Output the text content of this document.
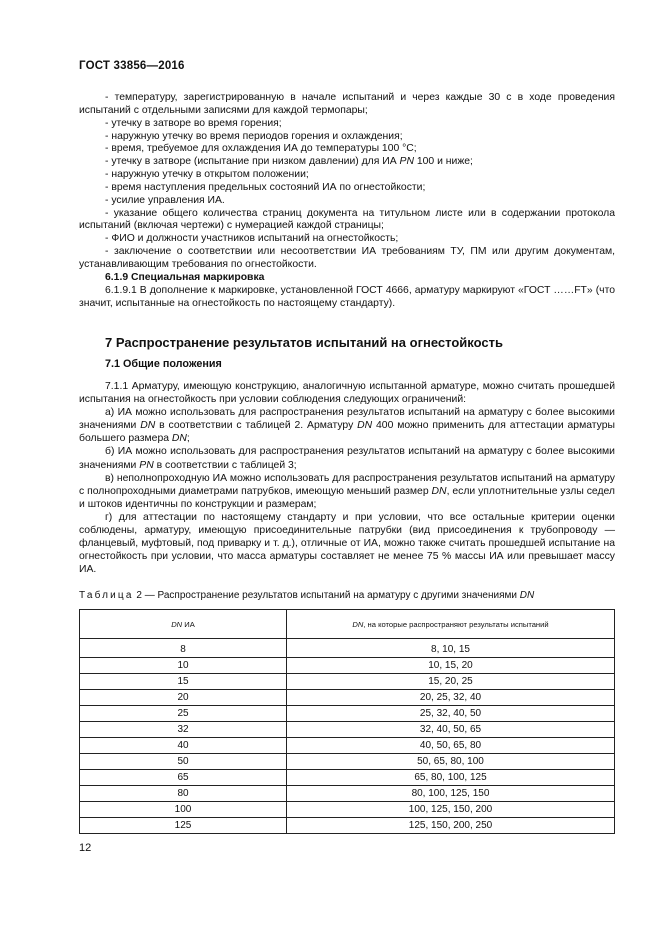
ГОСТ 33856—2016

- температуру, зарегистрированную в начале испытаний и через каждые 30 с в ходе проведения испытаний с отдельными записями для каждой термопары;

- утечку в затворе во время горения;

- наружную утечку во время периодов горения и охлаждения;

- время, требуемое для охлаждения ИА до температуры 100 °С;

- утечку в затворе (испытание при низком давлении) для ИА PN 100 и ниже;

- наружную утечку в открытом положении;

- время наступления предельных состояний ИА по огнестойкости;

- усилие управления ИА.

- указание общего количества страниц документа на титульном листе или в содержании протокола испытаний (включая чертежи) с нумерацией каждой страницы;

- ФИО и должности участников испытаний на огнестойкость;

- заключение о соответствии или несоответствии ИА требованиям ТУ, ПМ или другим документам, устанавливающим требования по огнестойкости.

6.1.9 Специальная маркировка

6.1.9.1 В дополнение к маркировке, установленной ГОСТ 4666, арматуру маркируют «ГОСТ ……FT» (что значит, испытанные на огнестойкость по настоящему стандарту).

7 Распространение результатов испытаний на огнестойкость
7.1 Общие положения

7.1.1 Арматуру, имеющую конструкцию, аналогичную испытанной арматуре, можно считать прошедшей испытания на огнестойкость при условии соблюдения следующих ограничений:

а) ИА можно использовать для распространения результатов испытаний на арматуру с более высокими значениями DN в соответствии с таблицей 2. Арматуру DN 400 можно применить для аттестации арматуры большего размера DN;

б) ИА можно использовать для распространения результатов испытаний на арматуру с более высокими значениями PN в соответствии с таблицей 3;

в) неполнопроходную ИА можно использовать для распространения результатов испытаний на арматуру с полнопроходными диаметрами патрубков, имеющую меньший размер DN, если уплотнительные узлы седел и штоков идентичны по конструкции и размерам;

г) для аттестации по настоящему стандарту и при условии, что все остальные критерии оценки соблюдены, арматуру, имеющую присоединительные патрубки (вид присоединения к трубопроводу — фланцевый, муфтовый, под приварку и т. д.), отличные от ИА, можно также считать прошедшей испытание на огнестойкость при условии, что масса арматуры составляет не менее 75 % массы ИА или превышает массу ИА.

Таблица 2 — Распространение результатов испытаний на арматуру с другими значениями DN
DN ИА	DN, на которые распространяют результаты испытаний

8	8, 10, 15
10	10, 15, 20
15	15, 20, 25
20	20, 25, 32, 40
25	25, 32, 40, 50
32	32, 40, 50, 65
40	40, 50, 65, 80
50	50, 65, 80, 100
65	65, 80, 100, 125
80	80, 100, 125, 150
100	100, 125, 150, 200
125	125, 150, 200, 250
12
